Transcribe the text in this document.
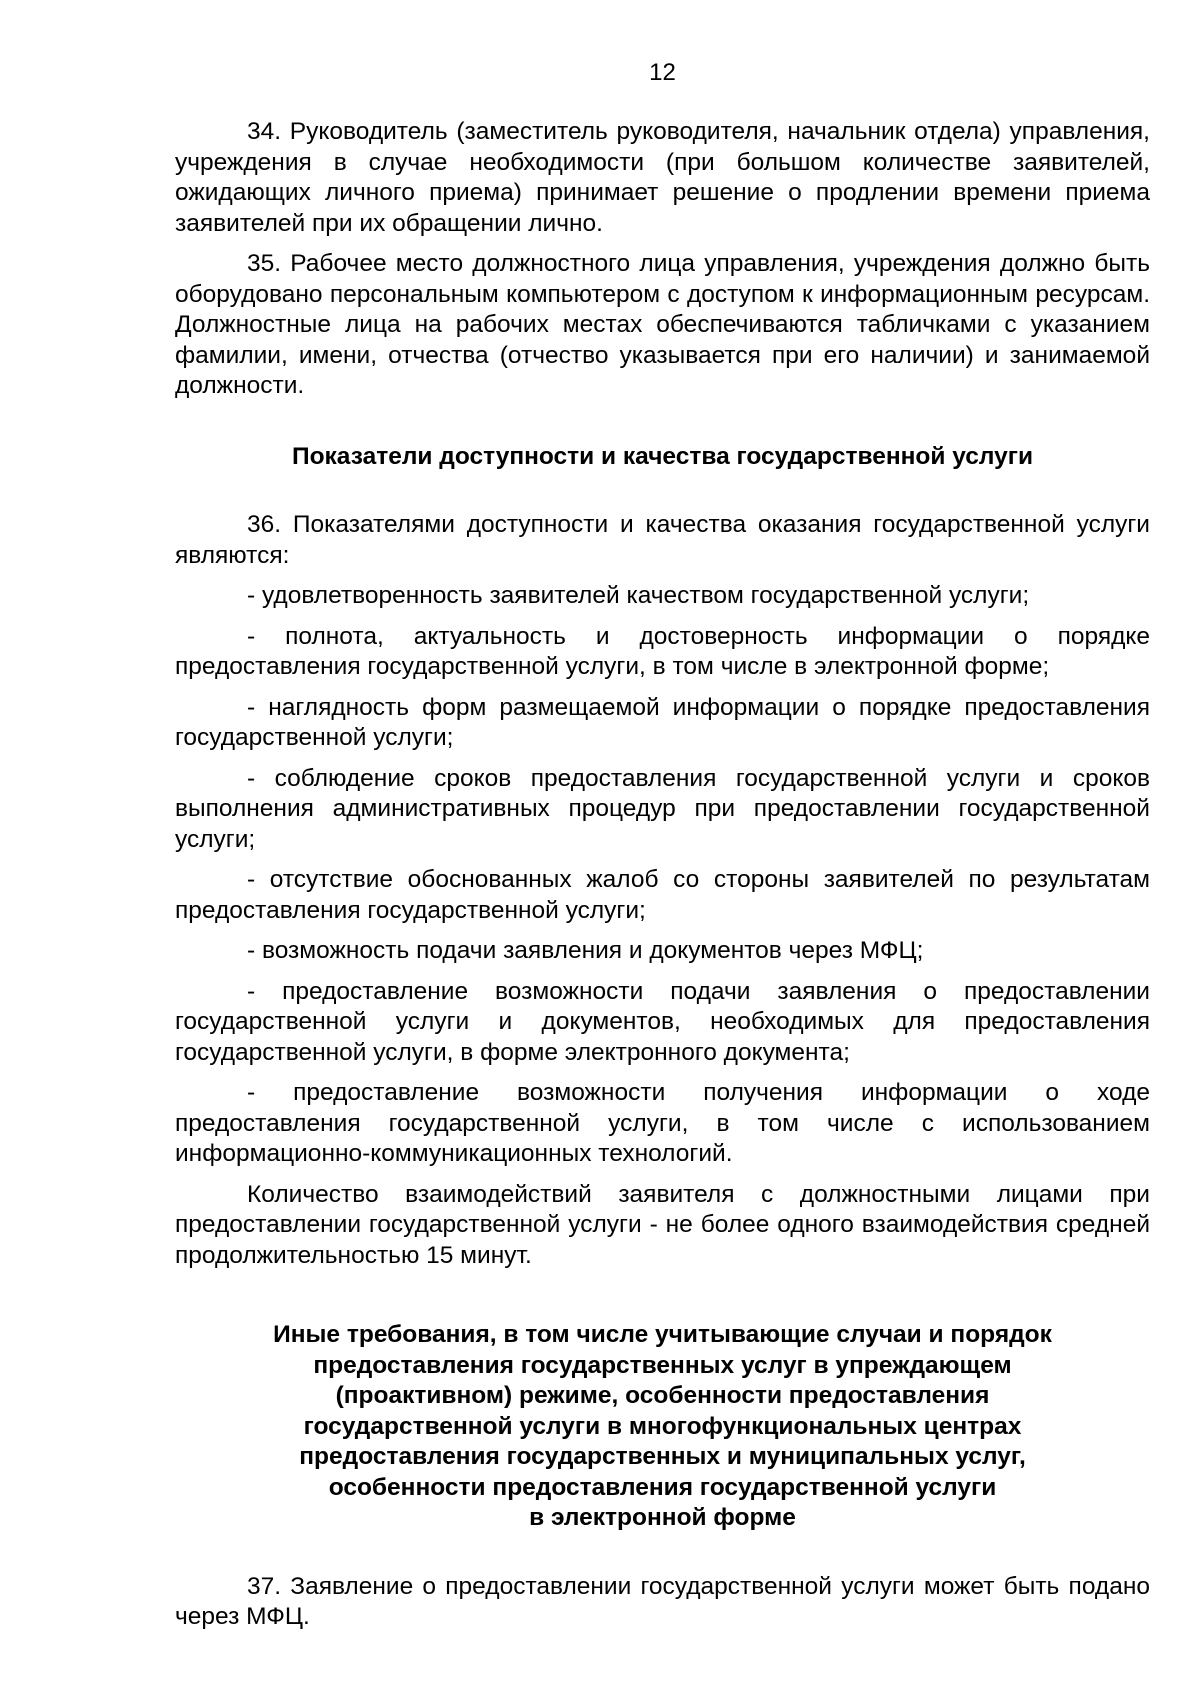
12

34. Руководитель (заместитель руководителя, начальник отдела) управления, учреждения в случае необходимости (при большом количестве заявителей, ожидающих личного приема) принимает решение о продлении времени приема заявителей при их обращении лично.

35. Рабочее место должностного лица управления, учреждения должно быть оборудовано персональным компьютером с доступом к информационным ресурсам. Должностные лица на рабочих местах обеспечиваются табличками с указанием фамилии, имени, отчества (отчество указывается при его наличии) и занимаемой должности.

Показатели доступности и качества государственной услуги

36. Показателями доступности и качества оказания государственной услуги являются:

- удовлетворенность заявителей качеством государственной услуги;

- полнота, актуальность и достоверность информации о порядке предоставления государственной услуги, в том числе в электронной форме;

- наглядность форм размещаемой информации о порядке предоставления государственной услуги;

- соблюдение сроков предоставления государственной услуги и сроков выполнения административных процедур при предоставлении государственной услуги;

- отсутствие обоснованных жалоб со стороны заявителей по результатам предоставления государственной услуги;

- возможность подачи заявления и документов через МФЦ;

- предоставление возможности подачи заявления о предоставлении государственной услуги и документов, необходимых для предоставления государственной услуги, в форме электронного документа;

- предоставление возможности получения информации о ходе предоставления государственной услуги, в том числе с использованием информационно-коммуникационных технологий.

Количество взаимодействий заявителя с должностными лицами при предоставлении государственной услуги - не более одного взаимодействия средней продолжительностью 15 минут.

Иные требования, в том числе учитывающие случаи и порядок
предоставления государственных услуг в упреждающем
(проактивном) режиме, особенности предоставления
государственной услуги в многофункциональных центрах
предоставления государственных и муниципальных услуг,
особенности предоставления государственной услуги
в электронной форме

37. Заявление о предоставлении государственной услуги может быть подано через МФЦ.
